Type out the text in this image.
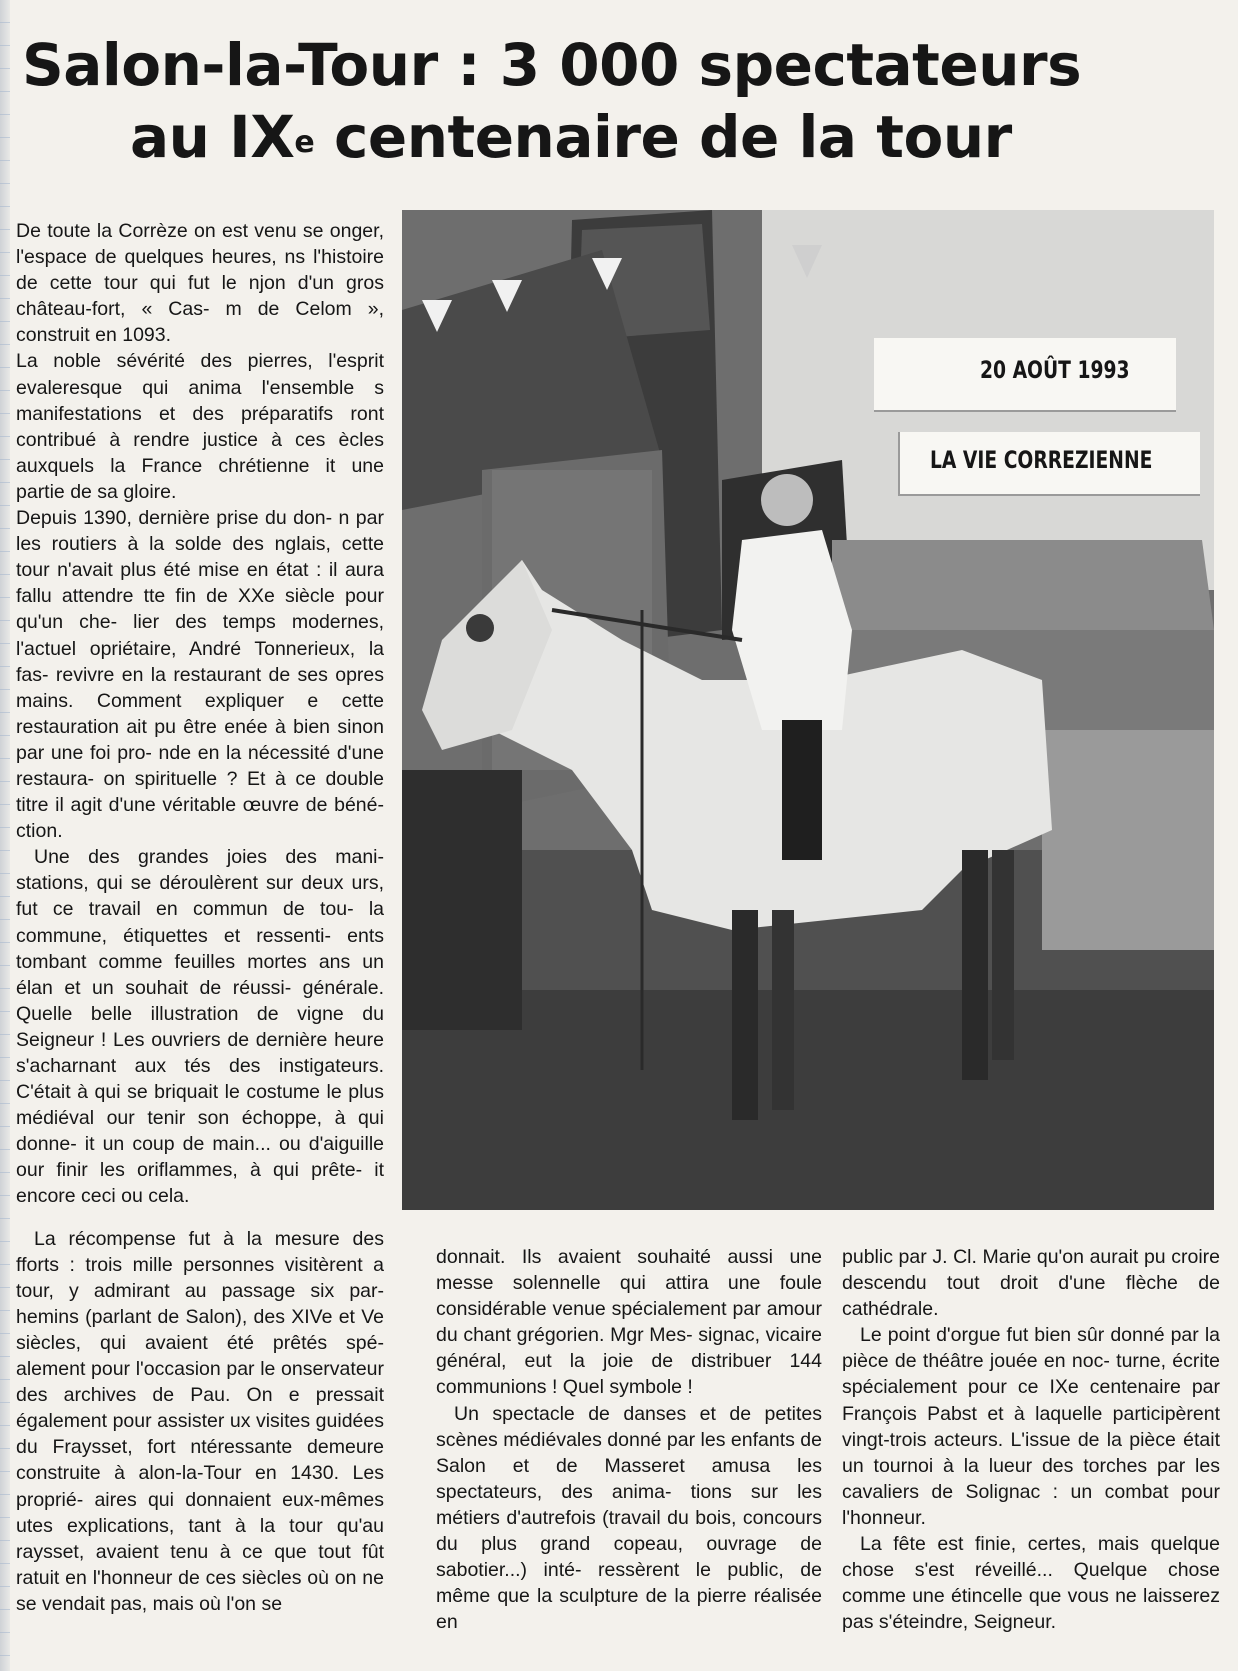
Salon-la-Tour : 3 000 spectateurs
au IXe centenaire de la tour

De toute la Corrèze on est venu se onger, l'espace de quelques heures, ns l'histoire de cette tour qui fut le njon d'un gros château-fort, « Cas- m de Celom », construit en 1093.

La noble sévérité des pierres, l'esprit evaleresque qui anima l'ensemble s manifestations et des préparatifs ront contribué à rendre justice à ces ècles auxquels la France chrétienne it une partie de sa gloire.

Depuis 1390, dernière prise du don- n par les routiers à la solde des nglais, cette tour n'avait plus été mise en état : il aura fallu attendre tte fin de XXe siècle pour qu'un che- lier des temps modernes, l'actuel opriétaire, André Tonnerieux, la fas- revivre en la restaurant de ses opres mains. Comment expliquer e cette restauration ait pu être enée à bien sinon par une foi pro- nde en la nécessité d'une restaura- on spirituelle ? Et à ce double titre il agit d'une véritable œuvre de béné- ction.

Une des grandes joies des mani- stations, qui se déroulèrent sur deux urs, fut ce travail en commun de tou- la commune, étiquettes et ressenti- ents tombant comme feuilles mortes ans un élan et un souhait de réussi- générale. Quelle belle illustration de vigne du Seigneur ! Les ouvriers de dernière heure s'acharnant aux tés des instigateurs. C'était à qui se briquait le costume le plus médiéval our tenir son échoppe, à qui donne- it un coup de main... ou d'aiguille our finir les oriflammes, à qui prête- it encore ceci ou cela.

La récompense fut à la mesure des fforts : trois mille personnes visitèrent a tour, y admirant au passage six par- hemins (parlant de Salon), des XIVe et Ve siècles, qui avaient été prêtés spé- alement pour l'occasion par le onservateur des archives de Pau. On e pressait également pour assister ux visites guidées du Fraysset, fort ntéressante demeure construite à alon-la-Tour en 1430. Les proprié- aires qui donnaient eux-mêmes utes explications, tant à la tour qu'au raysset, avaient tenu à ce que tout fût ratuit en l'honneur de ces siècles où on ne se vendait pas, mais où l'on se

20 AOÛT 1993
LA VIE CORREZIENNE

donnait. Ils avaient souhaité aussi une messe solennelle qui attira une foule considérable venue spécialement par amour du chant grégorien. Mgr Mes- signac, vicaire général, eut la joie de distribuer 144 communions ! Quel symbole !

Un spectacle de danses et de petites scènes médiévales donné par les enfants de Salon et de Masseret amusa les spectateurs, des anima- tions sur les métiers d'autrefois (travail du bois, concours du plus grand copeau, ouvrage de sabotier...) inté- ressèrent le public, de même que la sculpture de la pierre réalisée en

public par J. Cl. Marie qu'on aurait pu croire descendu tout droit d'une flèche de cathédrale.

Le point d'orgue fut bien sûr donné par la pièce de théâtre jouée en noc- turne, écrite spécialement pour ce IXe centenaire par François Pabst et à laquelle participèrent vingt-trois acteurs. L'issue de la pièce était un tournoi à la lueur des torches par les cavaliers de Solignac : un combat pour l'honneur.

La fête est finie, certes, mais quelque chose s'est réveillé... Quelque chose comme une étincelle que vous ne laisserez pas s'éteindre, Seigneur.
